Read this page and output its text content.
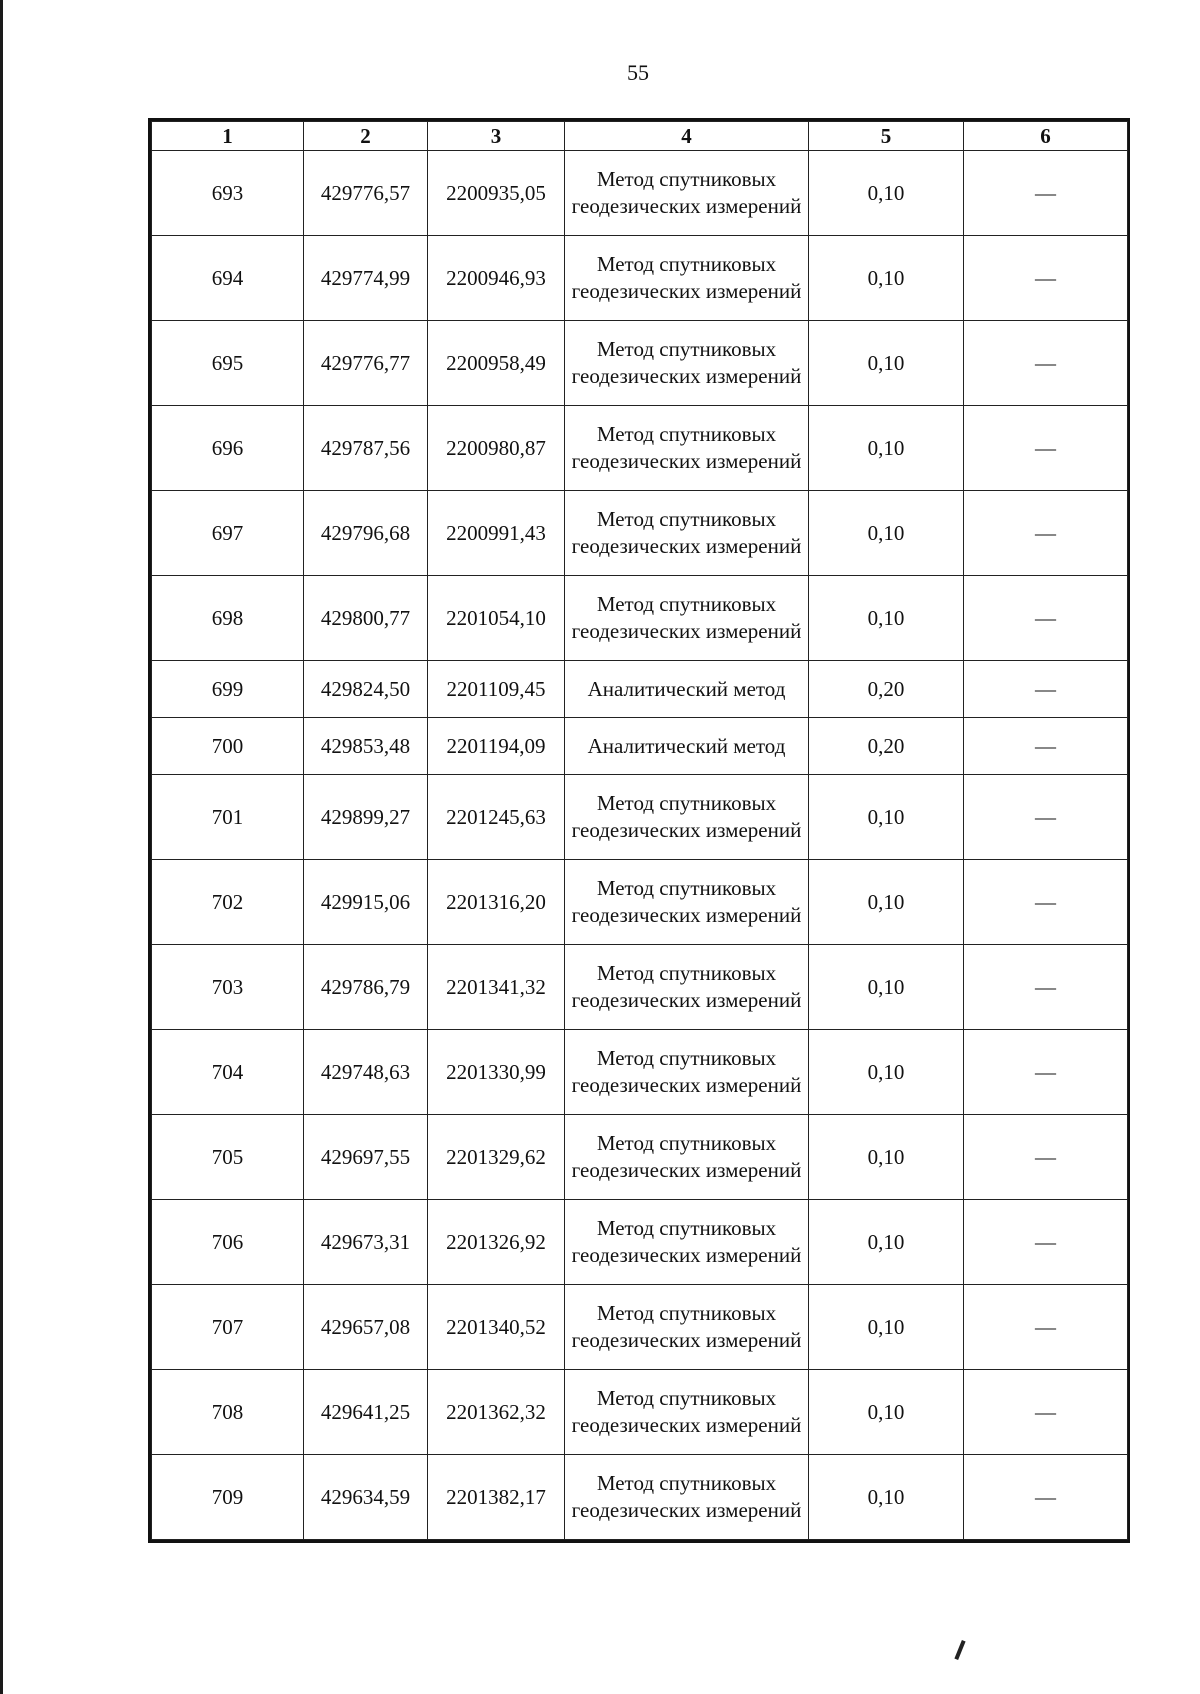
55
1	2	3	4	5	6
693	429776,57	2200935,05	Метод спутниковых геодезических измерений	0,10	—
694	429774,99	2200946,93	Метод спутниковых геодезических измерений	0,10	—
695	429776,77	2200958,49	Метод спутниковых геодезических измерений	0,10	—
696	429787,56	2200980,87	Метод спутниковых геодезических измерений	0,10	—
697	429796,68	2200991,43	Метод спутниковых геодезических измерений	0,10	—
698	429800,77	2201054,10	Метод спутниковых геодезических измерений	0,10	—
699	429824,50	2201109,45	Аналитический метод	0,20	—
700	429853,48	2201194,09	Аналитический метод	0,20	—
701	429899,27	2201245,63	Метод спутниковых геодезических измерений	0,10	—
702	429915,06	2201316,20	Метод спутниковых геодезических измерений	0,10	—
703	429786,79	2201341,32	Метод спутниковых геодезических измерений	0,10	—
704	429748,63	2201330,99	Метод спутниковых геодезических измерений	0,10	—
705	429697,55	2201329,62	Метод спутниковых геодезических измерений	0,10	—
706	429673,31	2201326,92	Метод спутниковых геодезических измерений	0,10	—
707	429657,08	2201340,52	Метод спутниковых геодезических измерений	0,10	—
708	429641,25	2201362,32	Метод спутниковых геодезических измерений	0,10	—
709	429634,59	2201382,17	Метод спутниковых геодезических измерений	0,10	—
